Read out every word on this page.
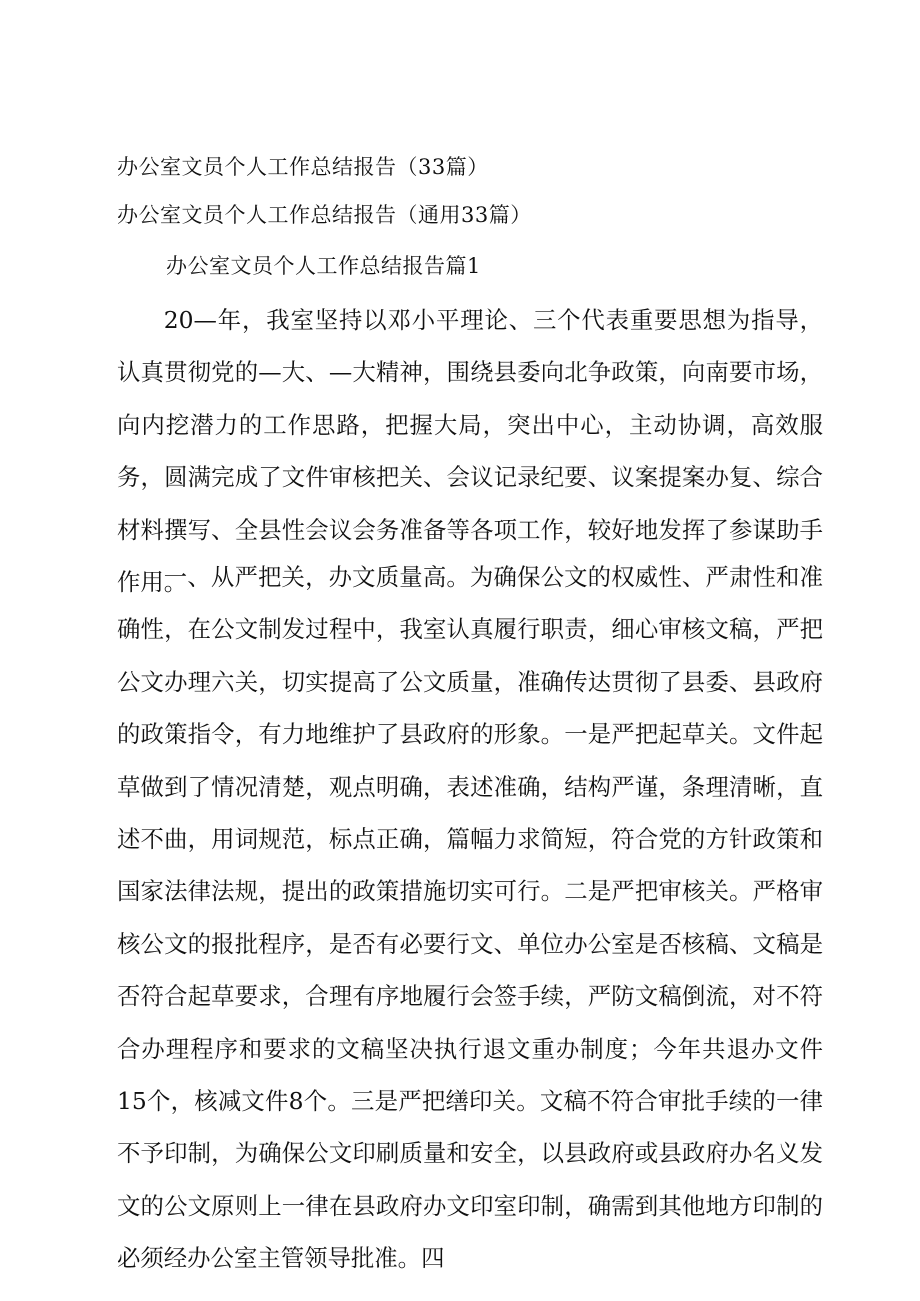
办公室文员个人工作总结报告（33篇）
办公室文员个人工作总结报告（通用33篇）
办公室文员个人工作总结报告篇1

20—年，我室坚持以邓小平理论、三个代表重要思想为指导，认真贯彻党的—大、—大精神，围绕县委向北争政策，向南要市场，向内挖潜力的工作思路，把握大局，突出中心，主动协调，高效服务，圆满完成了文件审核把关、会议记录纪要、议案提案办复、综合材料撰写、全县性会议会务准备等各项工作，较好地发挥了参谋助手作用。

一、从严把关，办文质量高。为确保公文的权威性、严肃性和准确性，在公文制发过程中，我室认真履行职责，细心审核文稿，严把公文办理六关，切实提高了公文质量，准确传达贯彻了县委、县政府的政策指令，有力地维护了县政府的形象。一是严把起草关。文件起草做到了情况清楚，观点明确，表述准确，结构严谨，条理清晰，直述不曲，用词规范，标点正确，篇幅力求简短，符合党的方针政策和国家法律法规，提出的政策措施切实可行。二是严把审核关。严格审核公文的报批程序，是否有必要行文、单位办公室是否核稿、文稿是否符合起草要求，合理有序地履行会签手续，严防文稿倒流，对不符合办理程序和要求的文稿坚决执行退文重办制度；今年共退办文件15个，核减文件8个。三是严把缮印关。文稿不符合审批手续的一律不予印制，为确保公文印刷质量和安全，以县政府或县政府办名义发文的公文原则上一律在县政府办文印室印制，确需到其他地方印制的必须经办公室主管领导批准。四
